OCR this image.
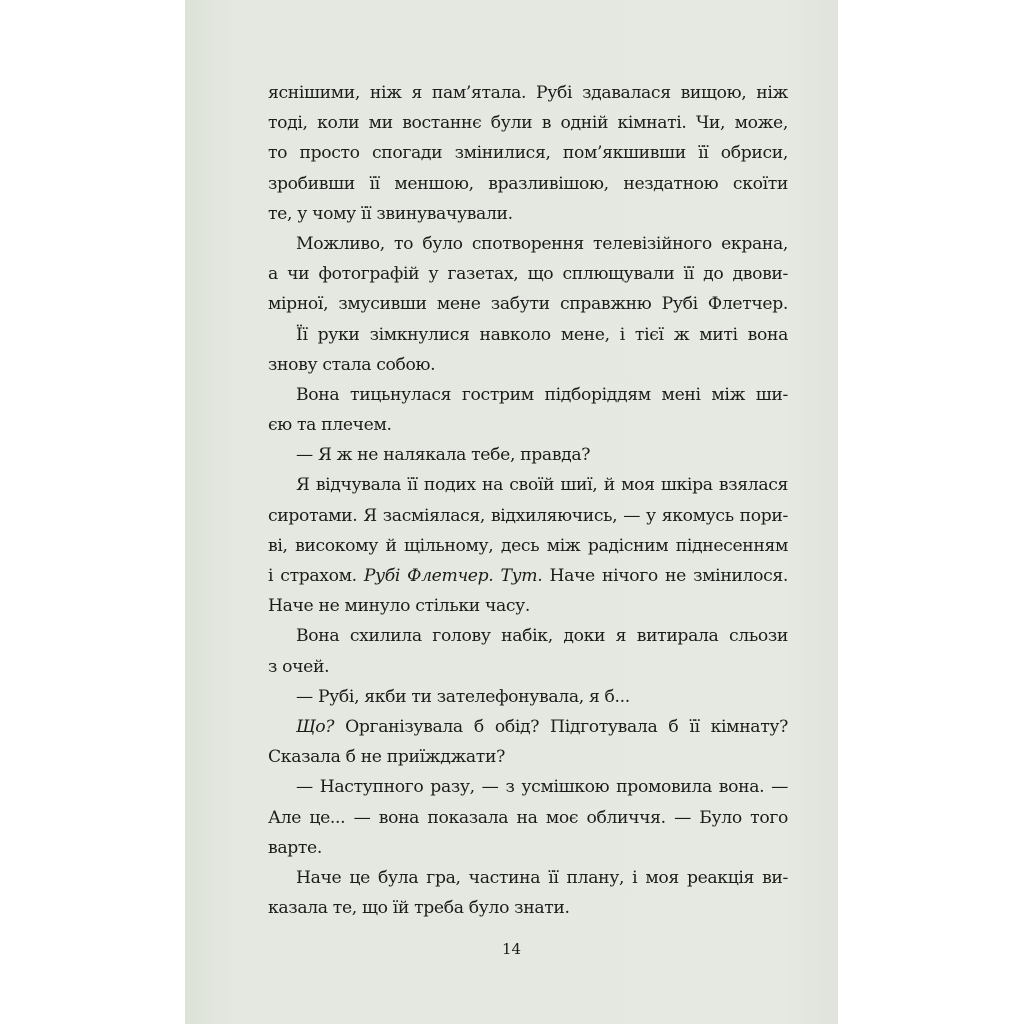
яснішими, ніж я пам’ятала. Рубі здавалася вищою, ніж
тоді, коли ми востаннє були в одній кімнаті. Чи, може,
то просто спогади змінилися, пом’якшивши її обриси,
зробивши її меншою, вразливішою, нездатною скоїти
те, у чому її звинувачували.
Можливо, то було спотворення телевізійного екрана,
а чи фотографій у газетах, що сплющували її до двови-
мірної, змусивши мене забути справжню Рубі Флетчер.
Її руки зімкнулися навколо мене, і тієї ж миті вона
знову стала собою.
Вона тицьнулася гострим підборіддям мені між ши-
єю та плечем.
— Я ж не налякала тебе, правда?
Я відчувала її подих на своїй шиї, й моя шкіра взялася
сиротами. Я засміялася, відхиляючись, — у якомусь пори-
ві, високому й щільному, десь між радісним піднесенням
і страхом. Рубі Флетчер. Тут. Наче нічого не змінилося.
Наче не минуло стільки часу.
Вона схилила голову набік, доки я витирала сльози
з очей.
— Рубі, якби ти зателефонувала, я б...
Що? Організувала б обід? Підготувала б її кімнату?
Сказала б не приїжджати?
— Наступного разу, — з усмішкою промовила вона. —
Але це... — вона показала на моє обличчя. — Було того
варте.
Наче це була гра, частина її плану, і моя реакція ви-
казала те, що їй треба було знати.
14
